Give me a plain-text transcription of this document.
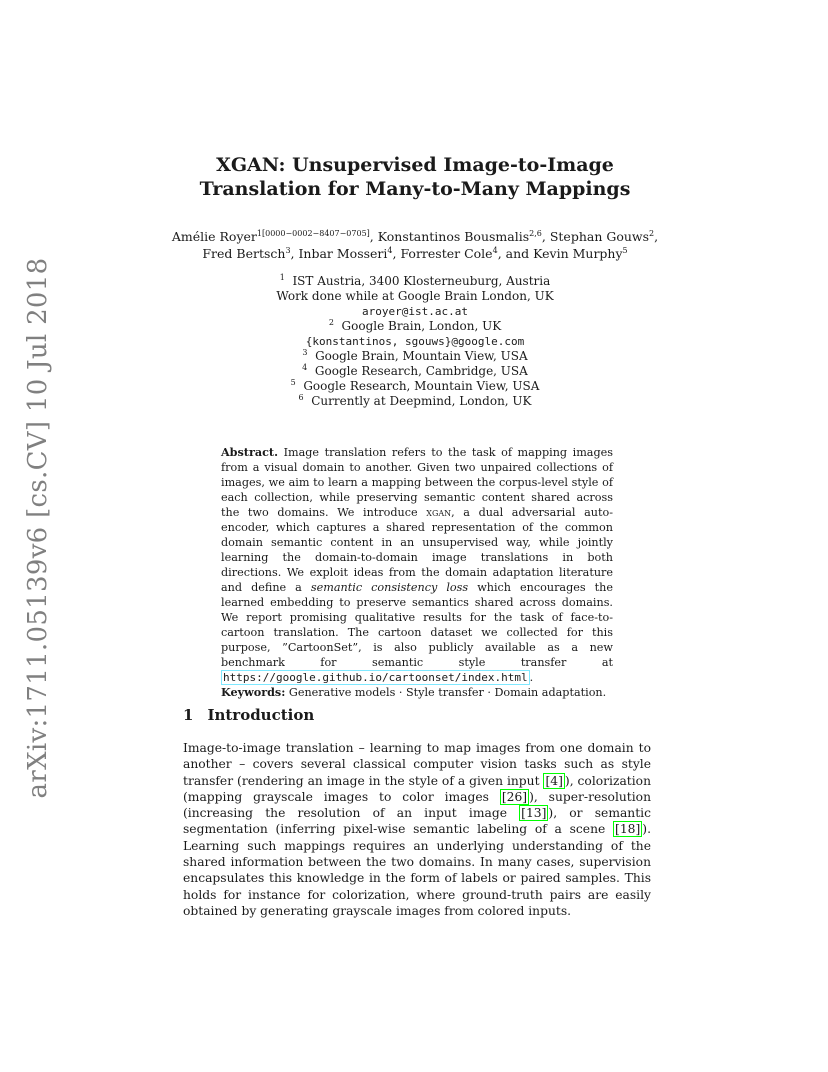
arXiv:1711.05139v6 [cs.CV] 10 Jul 2018
XGAN: Unsupervised Image-to-Image
Translation for Many-to-Many Mappings
Amélie Royer$^{1[0000-0002-8407-0705]}$, Konstantinos Bousmalis$^{2,6}$, Stephan Gouws$^2$, Fred Bertsch$^3$, Inbar Mosseri$^4$, Forrester Cole$^4$, and Kevin Murphy$^5$
$^1$ IST Austria, 3400 Klosterneuburg, Austria
Work done while at Google Brain London, UK
aroyer@ist.ac.at
$^2$ Google Brain, London, UK
{konstantinos, sgouws}@google.com
$^3$ Google Brain, Mountain View, USA
$^4$ Google Research, Cambridge, USA
$^5$ Google Research, Mountain View, USA
$^6$ Currently at Deepmind, London, UK

Abstract. Image translation refers to the task of mapping images from a visual domain to another. Given two unpaired collections of images, we aim to learn a mapping between the corpus-level style of each collection, while preserving semantic content shared across the two domains. We introduce xgan, a dual adversarial auto-encoder, which captures a shared representation of the common domain semantic content in an unsupervised way, while jointly learning the domain-to-domain image translations in both directions. We exploit ideas from the domain adaptation literature and define a semantic consistency loss which encourages the learned embedding to preserve semantics shared across domains. We report promising qualitative results for the task of face-to-cartoon translation. The cartoon dataset we collected for this purpose, ”CartoonSet”, is also publicly available as a new benchmark for semantic style transfer at https://google.github.io/cartoonset/index.html .

Keywords: Generative models · Style transfer · Domain adaptation.

1 Introduction

Image-to-image translation – learning to map images from one domain to another – covers several classical computer vision tasks such as style transfer (rendering an image in the style of a given input [4] ), colorization (mapping grayscale images to color images [26] ), super-resolution (increasing the resolution of an input image [13] ), or semantic segmentation (inferring pixel-wise semantic labeling of a scene [18] ). Learning such mappings requires an underlying understanding of the shared information between the two domains. In many cases, supervision encapsulates this knowledge in the form of labels or paired samples. This holds for instance for colorization, where ground-truth pairs are easily obtained by generating grayscale images from colored inputs.
